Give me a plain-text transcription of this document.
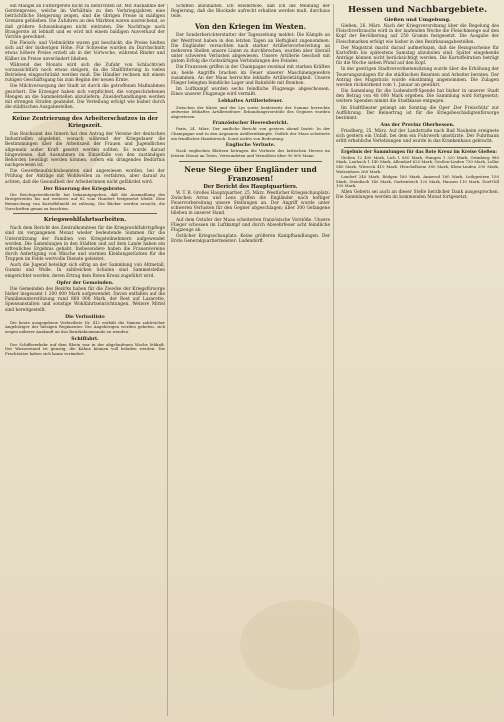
ein Mangel an Futtergerste nicht zu befürchten ist. Mit Ausnahme der Gerstenpreise, welche im Verhältnis zu den Vorkriegsjahren eine beträchtliche Steigerung zeigen, sind die übrigen Preise in mäßigen Grenzen geblieben. Die Zufuhren an den Märkten waren ausreichend, so daß größere Schwankungen nicht eintraten. Die Nachfrage nach Braugerste ist lebhaft und es wird mit einem baldigen Ausverkauf der Vorräte gerechnet.

Die Fleisch- und Viehmärkte waren gut beschickt; die Preise hielten sich auf der bisherigen Höhe. Für Schweine wurden im Durchschnitt etwas höhere Preise erzielt als in der Vorwoche, während Rinder und Kälber im Preise unverändert blieben.

Während des Monats wird sich die Zufuhr von Schlachtvieh voraussichtlich noch etwas steigern, da die Stallfütterung in vielen Betrieben eingeschränkt werden muß. Die Händler rechnen mit einem ruhigen Geschäftsgang bis zum Beginn der neuen Ernte.

Die Milchversorgung der Stadt ist durch die getroffenen Maßnahmen gesichert. Die Erzeuger haben sich verpflichtet, die vorgeschriebenen Mengen an die Sammelstellen abzuliefern; Zuwiderhandlungen werden mit strengen Strafen geahndet. Die Verteilung erfolgt wie bisher durch die städtischen Ausgabestellen.

Keine Zentrierung des Arbeiterschutzes in der Kriegszeit.

Das Reichsamt des Innern hat den Antrag der Vereine der deutschen Industriellen abgelehnt, wonach während der Kriegsdauer die Bestimmungen über die Arbeitszeit der Frauen und Jugendlichen allgemein außer Kraft gesetzt werden sollten. Es wurde darauf hingewiesen, daß Ausnahmen im Einzelfalle von den zuständigen Behörden bewilligt werden können, sofern ein dringendes Bedürfnis nachgewiesen ist.

Die Gewerbeaufsichtsbeamten sind angewiesen worden, bei der Prüfung der Anträge mit Wohlwollen zu verfahren, aber darauf zu achten, daß die Gesundheit der Arbeiterinnen nicht gefährdet wird.

Der Bäuerung des Kriegsbrotes.

Die Reichsgetreidestelle hat bekanntgegeben, daß die Ausmahlung des Brotgetreides bis auf weiteres auf 82 vom Hundert festgesetzt bleibt. Eine Beimischung von Kartoffelmehl ist zulässig. Die Bäcker werden ersucht, die Vorschriften genau zu beachten.

Kriegswohlfahrtsarbeiten.

Nach dem Bericht des Zentralkomitees für die Kriegswohlfahrtspflege sind im vergangenen Monat wieder bedeutende Summen für die Unterstützung der Familien von Kriegsteilnehmern aufgewendet worden. Die Sammlungen in den Städten und auf dem Lande haben ein erfreuliches Ergebnis gehabt. Insbesondere haben die Frauenvereine durch Anfertigung von Wäsche und warmen Kleidungsstücken für die Truppen im Felde wertvolle Dienste geleistet.

Auch die Jugend beteiligt sich eifrig an der Sammlung von Altmetall, Gummi und Wolle. In zahlreichen Schulen sind Sammelstellen eingerichtet worden, deren Ertrag dem Roten Kreuz zugeführt wird.

Opfer der Gemeinden.

Die Gemeinden des Bezirks haben für die Zwecke der Kriegsfürsorge bisher insgesamt 1 200 000 Mark aufgewendet. Davon entfallen auf die Familienunterstützung rund 860 000 Mark, der Rest auf Lazarette, Speiseanstalten und sonstige Wohlfahrtseinrichtungen. Weitere Mittel sind bereitgestellt.

Die Verlustliste

Die heute ausgegebene Verlustliste Nr. 412 enthält die Namen zahlreicher Angehöriger der hiesigen Regimenter. Die Angehörigen werden gebeten, sich wegen näherer Auskunft an das Bezirkskommando zu wenden.

Schiffahrt.

Der Schiffsverkehr auf dem Rhein war in der abgelaufenen Woche lebhaft. Der Wasserstand ist günstig; die Kähne können voll beladen werden. Die Frachtsätze haben sich kaum verändert.

Schiffen abzuhalten. Ich wiederhole, daß ich die Meinung der Regierung, daß die Blockade aufrecht erhalten werden muß, durchaus teile.

Von den Kriegen im Westen.

Der Sonderberichterstatter der Tageszeitung meldet: Die Kämpfe an der Westfront haben in den letzten Tagen an Heftigkeit zugenommen. Die Engländer versuchten nach starker Artillerievorbereitung an mehreren Stellen unsere Linien zu durchbrechen, wurden aber überall unter schweren Verlusten abgewiesen. Unsere Artillerie beschoß mit gutem Erfolg die rückwärtigen Verbindungen des Feindes.

Die Franzosen griffen in der Champagne zweimal mit starken Kräften an; beide Angriffe brachen im Feuer unserer Maschinengewehre zusammen. An der Maas herrschte lebhafte Artillerietätigkeit. Unsere Flieger belegten feindliche Lager und Bahnhöfe mit Bomben.

Im Luftkampf wurden sechs feindliche Flugzeuge abgeschossen. Eines unserer Flugzeuge wird vermißt.

Lebhaftes Artilleriefeuer.

Zwischen der Küste und der Lys sowie beiderseits der Somme herrschte zeitweise lebhaftes Artilleriefeuer. Erkundungsvorstöße des Gegners wurden abgewiesen.

Französischer Heeresbericht.

Paris, 24. März. Der amtliche Bericht von gestern abend lautet: In der Champagne und in den Argonnen Artilleriekämpfe. Östlich der Maas scheiterte ein feindlicher Handstreich. Sonst nichts von Bedeutung.

Englische Verluste.

Nach englischen Blättern betragen die Verluste des britischen Heeres im letzten Monat an Toten, Verwundeten und Vermißten über 90 000 Mann.

Neue Siege über Engländer und Franzosen!
Der Bericht des Hauptquartiers.

W. T. B. Großes Hauptquartier, 25. März. Westlicher Kriegsschauplatz: Zwischen Arras und Lens griffen die Engländer nach heftiger Feuervorbereitung unsere Stellungen an. Der Angriff wurde unter schweren Verlusten für den Gegner abgeschlagen; über 300 Gefangene blieben in unserer Hand.

Auf dem Ostufer der Maas scheiterten französische Vorstöße. Unsere Flieger schossen im Luftkampf und durch Abwehrfeuer acht feindliche Flugzeuge ab.

Östlicher Kriegsschauplatz: Keine größeren Kampfhandlungen. Der Erste Generalquartiermeister: Ludendorff.

Hessen und Nachbargebiete.
Gießen und Umgebung.

Gießen, 26. März. Nach der Kriegsverordnung über die Regelung des Fleischverbrauchs wird in der laufenden Woche die Fleischmenge auf den Kopf der Bevölkerung auf 250 Gramm festgesetzt. Die Ausgabe der Fleischmarken erfolgt wie bisher in den Bezirksausgabestellen.

Der Magistrat macht darauf aufmerksam, daß die Bezugsscheine für Kartoffeln bis spätestens Samstag abzuholen sind. Später eingehende Anträge können nicht berücksichtigt werden. Die Kartoffelration beträgt für die Woche sieben Pfund auf den Kopf.

In der gestrigen Stadtverordnetensitzung wurde über die Erhöhung der Teuerungszulagen für die städtischen Beamten und Arbeiter beraten. Der Antrag des Magistrats wurde einstimmig angenommen. Die Zulagen werden rückwirkend vom 1. Januar an gewährt.

Die Sammlung für die Ludendorff-Spende hat bisher in unserer Stadt den Betrag von 48 000 Mark ergeben. Die Sammlung wird fortgesetzt; weitere Spenden nimmt die Stadtkasse entgegen.

Im Stadttheater gelangt am Sonntag die Oper ‚Der Freischütz‘ zur Aufführung. Der Reinertrag ist für die Kriegsbeschädigtenfürsorge bestimmt.

Aus der Provinz Oberhessen.

Friedberg, 25. März. Auf der Landstraße nach Bad Nauheim ereignete sich gestern ein Unfall, bei dem ein Fuhrwerk umstürzte. Der Fuhrmann erlitt erhebliche Verletzungen und wurde in das Krankenhaus gebracht.

Ergebnis der Sammlungen für das Rote Kreuz im Kreise Gießen:

Gießen 12 400 Mark, Lich 1 850 Mark, Hungen 1 320 Mark, Grünberg 980 Mark, Laubach 1 140 Mark, Allendorf 620 Mark, Großen-Linden 730 Mark, Lollar 540 Mark, Wieseck 410 Mark, Heuchelheim 380 Mark, Klein-Linden 290 Mark, Watzenborn 260 Mark.

Londorf 240 Mark, Rödgen 180 Mark, Annerod 160 Mark, Leihgestern 150 Mark, Steinbach 140 Mark, Garbenteich 120 Mark, Hausen 110 Mark, Dorf-Gill 100 Mark.

Allen Gebern sei auch an dieser Stelle herzlicher Dank ausgesprochen. Die Sammlungen werden im kommenden Monat fortgesetzt.
